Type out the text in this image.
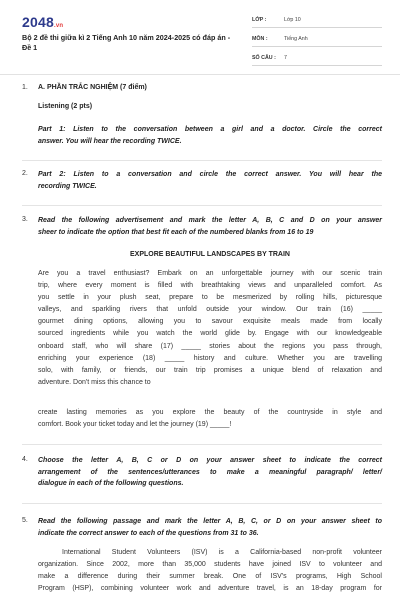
2048.vn
Bộ 2 đề thi giữa kì 2 Tiếng Anh 10 năm 2024-2025 có đáp án - Đề 1
LỚP :	Lớp 10
MÔN :	Tiếng Anh
SỐ CÂU : 7
1. A. PHẦN TRẮC NGHIỆM (7 điểm)
Listening (2 pts)
Part 1: Listen to the conversation between a girl and a doctor. Circle the correct
answer. You will hear the recording TWICE.
2. Part 2: Listen to a conversation and circle the correct answer. You will hear the
recording TWICE.
3. Read the following advertisement and mark the letter A, B, C and D on your answer
sheer to indicate the option that best fit each of the numbered blanks from 16 to 19
EXPLORE BEAUTIFUL LANDSCAPES BY TRAIN
Are you a travel enthusiast? Embark on an unforgettable journey with our scenic train
trip, where every moment is filled with breathtaking views and unparalleled comfort. As
you settle in your plush seat, prepare to be mesmerized by rolling hills, picturesque
valleys, and sparkling rivers that unfold outside your window. Our train (16) _____
gourmet dining options, allowing you to savour exquisite meals made from locally
sourced ingredients while you watch the world glide by. Engage with our knowledgeable
onboard staff, who will share (17) _____ stories about the regions you pass through,
enriching your experience (18) _____ history and culture. Whether you are travelling
solo, with family, or friends, our train trip promises a unique blend of relaxation and
adventure. Don't miss this chance to
create lasting memories as you explore the beauty of the countryside in style and
comfort. Book your ticket today and let the journey (19) _____!
4. Choose the letter A, B, C or D on your answer sheet to indicate the correct
arrangement of the sentences/utterances to make a meaningful paragraph/ letter/
dialogue in each of the following questions.
5. Read the following passage and mark the letter A, B, C, or D on your answer sheet to
indicate the correct answer to each of the questions from 31 to 36.
International Student Volunteers (ISV) is a California-based non-profit volunteer
organization. Since 2002, more than 35,000 students have joined ISV to volunteer and
make a difference during their summer break. One of ISV's programs, High School
Program (HSP), combining volunteer work and adventure travel, is an 18-day program for
